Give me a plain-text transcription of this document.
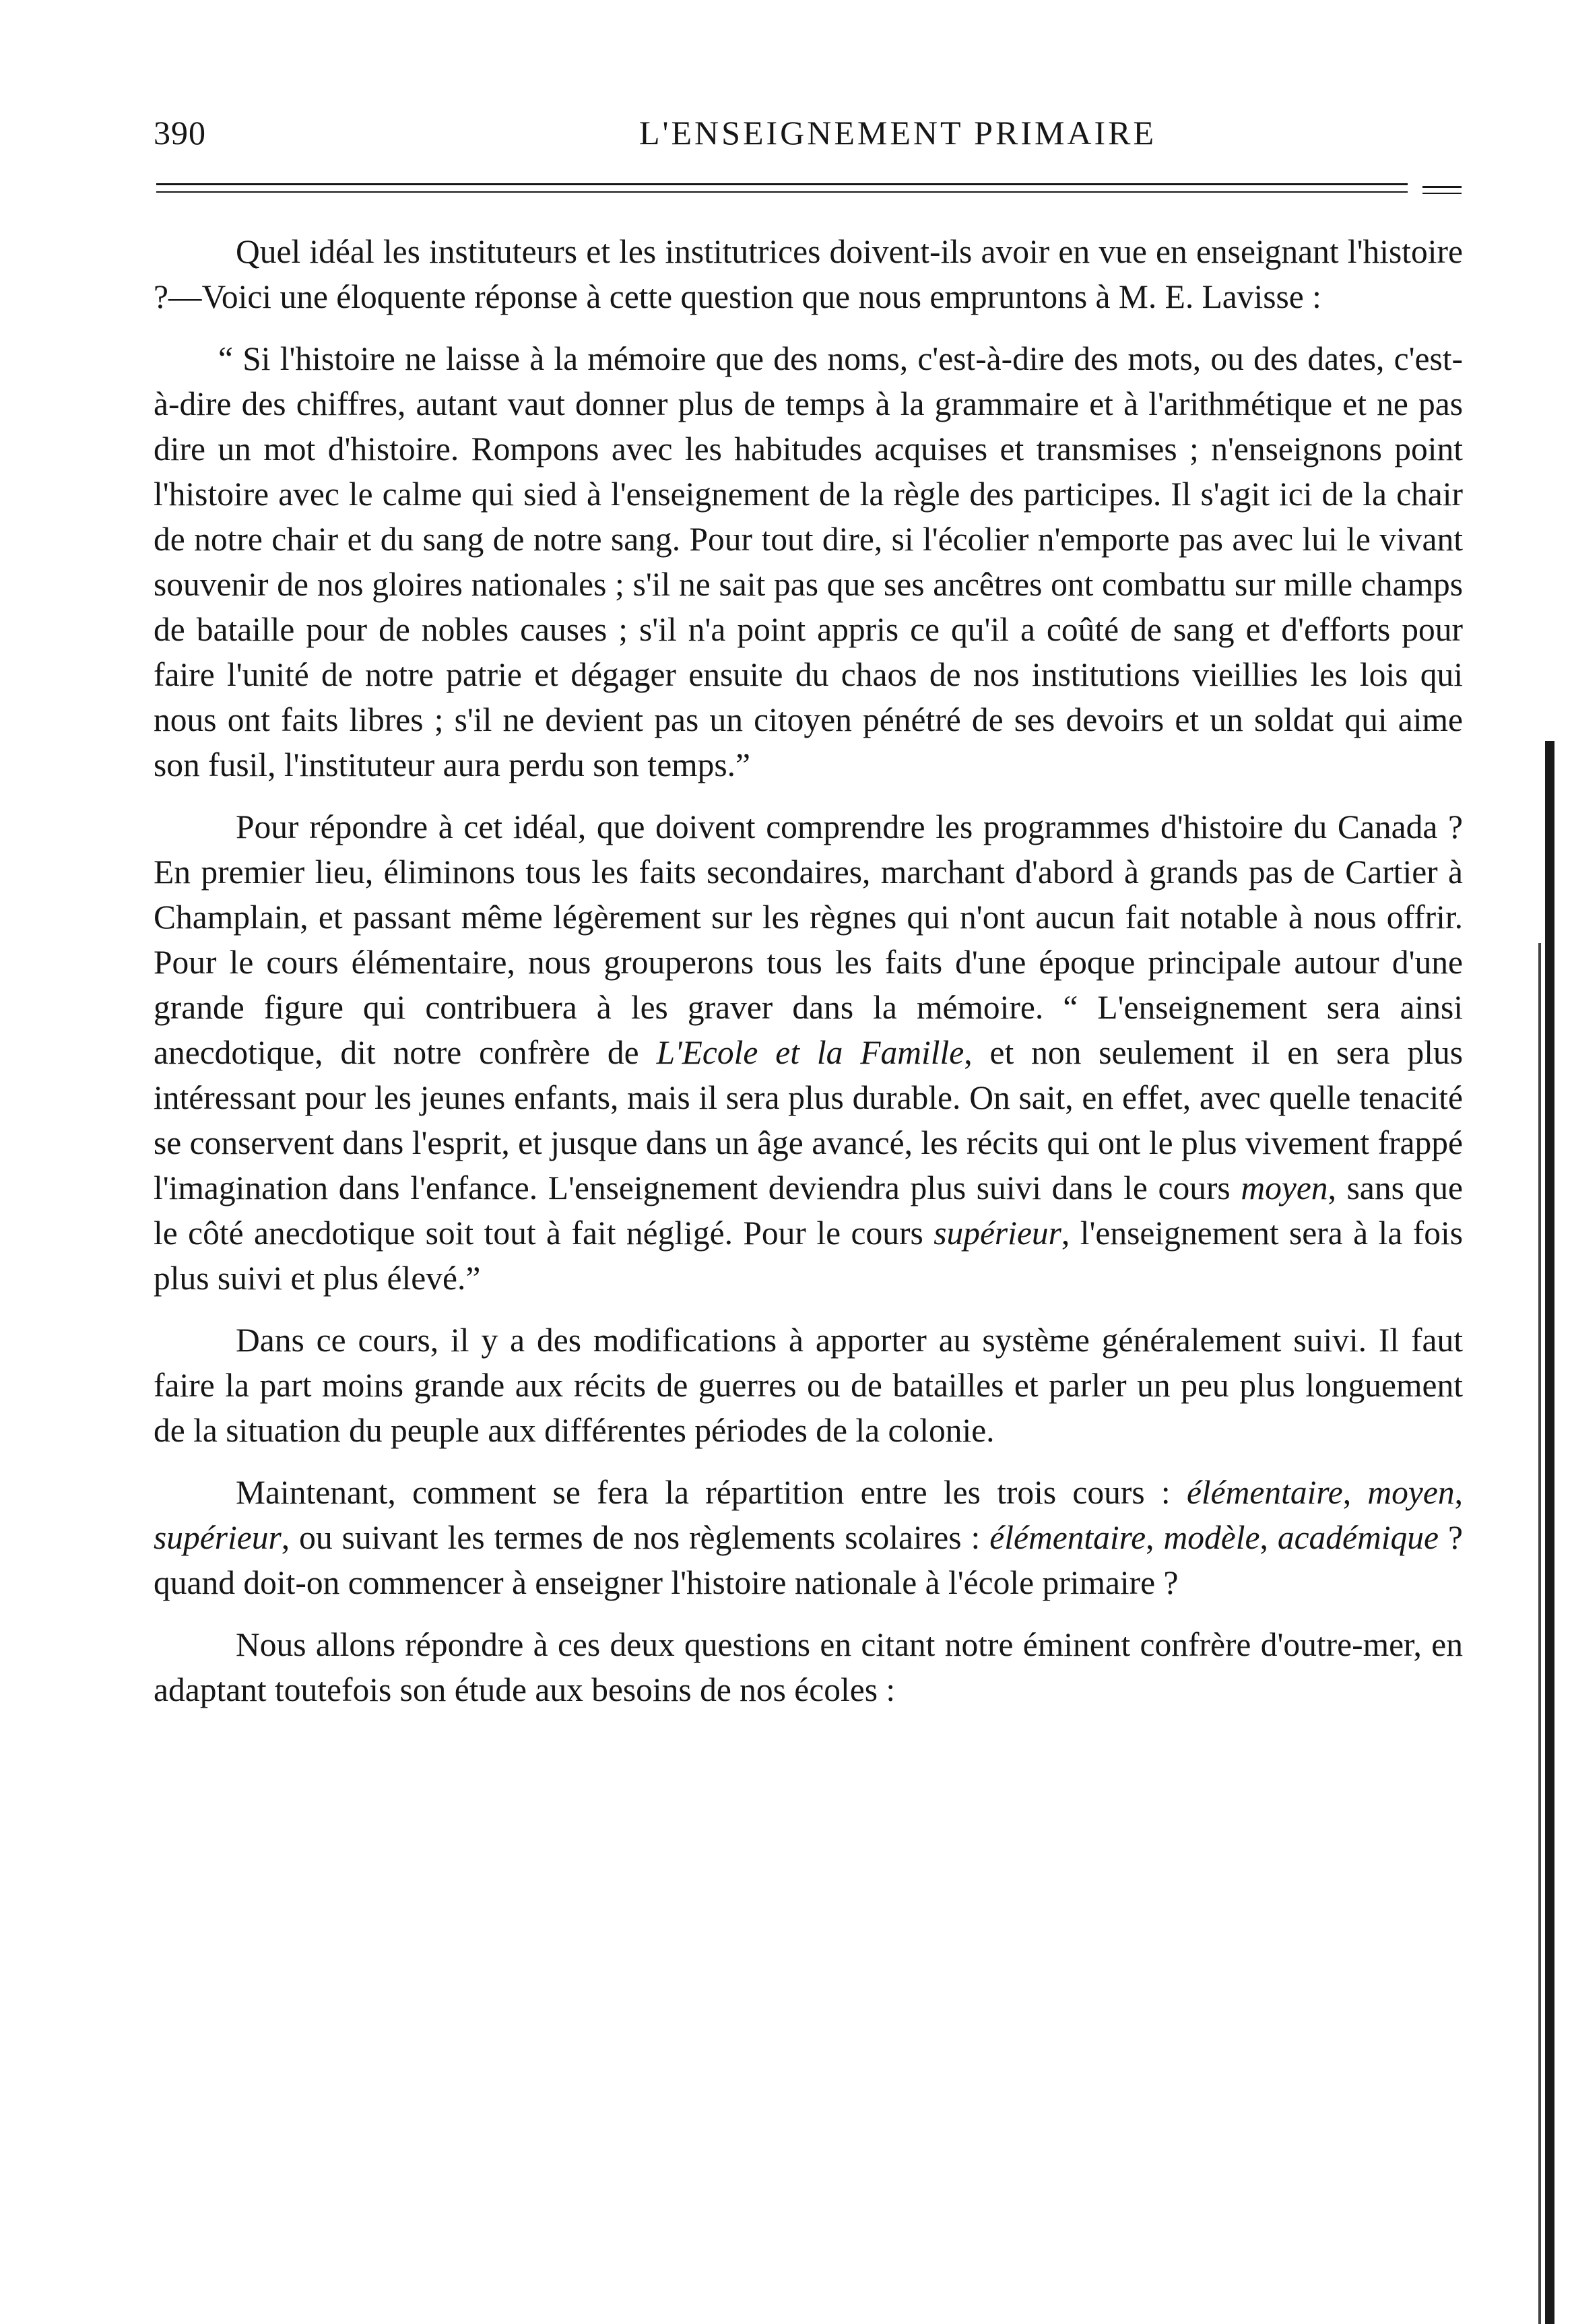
390	L'ENSEIGNEMENT PRIMAIRE

Quel idéal les instituteurs et les institutrices doivent-ils avoir en vue en enseignant l'histoire ?—Voici une éloquente réponse à cette question que nous empruntons à M. E. Lavisse :

“ Si l'histoire ne laisse à la mémoire que des noms, c'est-à-dire des mots, ou des dates, c'est-à-dire des chiffres, autant vaut donner plus de temps à la grammaire et à l'arithmétique et ne pas dire un mot d'histoire. Rompons avec les habitudes acquises et transmises ; n'enseignons point l'histoire avec le calme qui sied à l'enseignement de la règle des participes. Il s'agit ici de la chair de notre chair et du sang de notre sang. Pour tout dire, si l'écolier n'emporte pas avec lui le vivant souvenir de nos gloires nationales ; s'il ne sait pas que ses ancêtres ont combattu sur mille champs de bataille pour de nobles causes ; s'il n'a point appris ce qu'il a coûté de sang et d'efforts pour faire l'unité de notre patrie et dégager ensuite du chaos de nos institutions vieillies les lois qui nous ont faits libres ; s'il ne devient pas un citoyen pénétré de ses devoirs et un soldat qui aime son fusil, l'instituteur aura perdu son temps.”

Pour répondre à cet idéal, que doivent comprendre les programmes d'histoire du Canada ? En premier lieu, éliminons tous les faits secondaires, marchant d'abord à grands pas de Cartier à Champlain, et passant même légèrement sur les règnes qui n'ont aucun fait notable à nous offrir. Pour le cours élémentaire, nous grouperons tous les faits d'une époque principale autour d'une grande figure qui contribuera à les graver dans la mémoire. “ L'enseignement sera ainsi anecdotique, dit notre confrère de L'Ecole et la Famille, et non seulement il en sera plus intéressant pour les jeunes enfants, mais il sera plus durable. On sait, en effet, avec quelle tenacité se conservent dans l'esprit, et jusque dans un âge avancé, les récits qui ont le plus vivement frappé l'imagination dans l'enfance. L'enseignement deviendra plus suivi dans le cours moyen, sans que le côté anecdotique soit tout à fait négligé. Pour le cours supérieur, l'enseignement sera à la fois plus suivi et plus élevé.”

Dans ce cours, il y a des modifications à apporter au système généralement suivi. Il faut faire la part moins grande aux récits de guerres ou de batailles et parler un peu plus longuement de la situation du peuple aux différentes périodes de la colonie.

Maintenant, comment se fera la répartition entre les trois cours : élémentaire, moyen, supérieur, ou suivant les termes de nos règlements scolaires : élémentaire, modèle, académique ? quand doit-on commencer à enseigner l'histoire nationale à l'école primaire ?

Nous allons répondre à ces deux questions en citant notre éminent confrère d'outre-mer, en adaptant toutefois son étude aux besoins de nos écoles :
